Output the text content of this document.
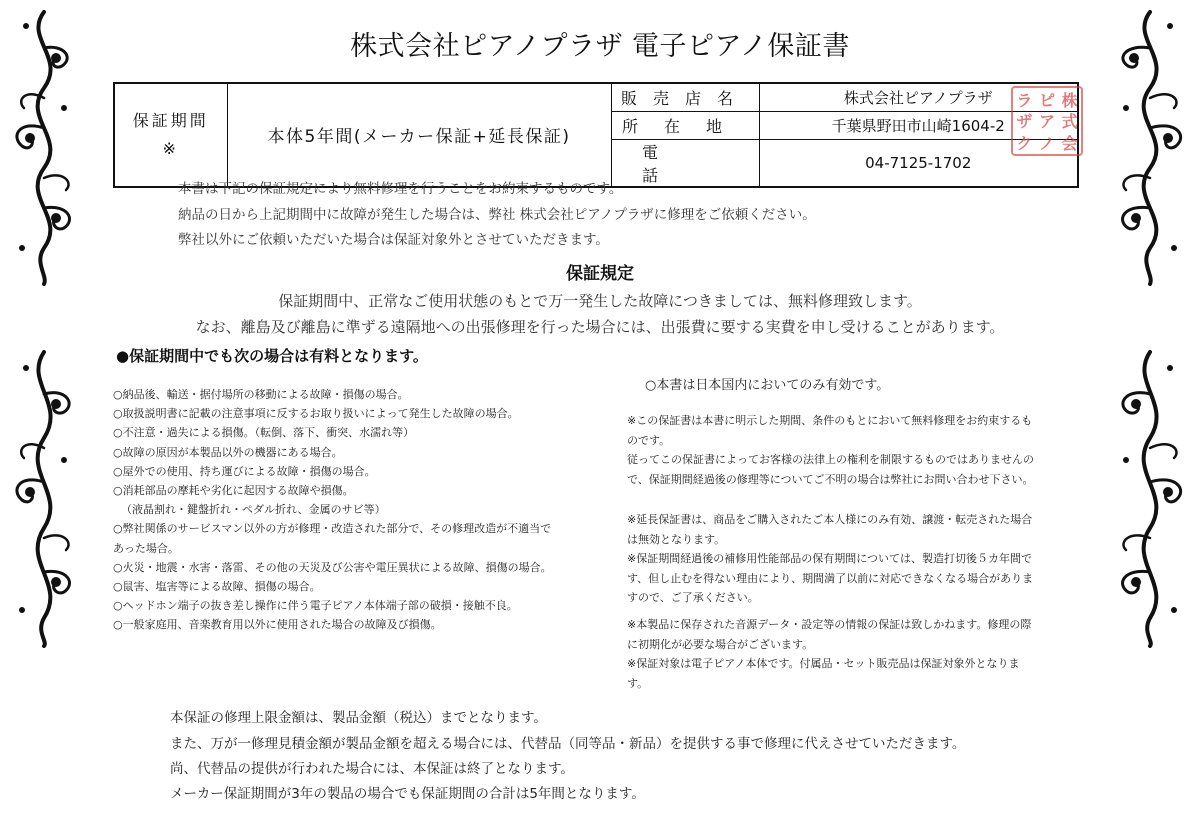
株式会社ピアノプラザ 電子ピアノ保証書
保証期間
※	本体5年間(メーカー保証+延長保証)	販売店名	株式会社ピアノプラザ
		所在地	千葉県野田市山崎1604-2
		電話	04-7125-1702
ラ ピ 株
ザ ア 式
ク ノ 会
本書は下記の保証規定により無料修理を行うことをお約束するものです。
納品の日から上記期間中に故障が発生した場合は、弊社 株式会社ピアノプラザに修理をご依頼ください。
弊社以外にご依頼いただいた場合は保証対象外とさせていただきます。
保証規定
保証期間中、正常なご使用状態のもとで万一発生した故障につきましては、無料修理致します。
なお、離島及び離島に準ずる遠隔地への出張修理を行った場合には、出張費に要する実費を申し受けることがあります。
●保証期間中でも次の場合は有料となります。
○納品後、輸送・据付場所の移動による故障・損傷の場合。
○取扱説明書に記載の注意事項に反するお取り扱いによって発生した故障の場合。
○不注意・過失による損傷。（転倒、落下、衝突、水濡れ等）
○故障の原因が本製品以外の機器にある場合。
○屋外での使用、持ち運びによる故障・損傷の場合。
○消耗部品の摩耗や劣化に起因する故障や損傷。
（液晶割れ・鍵盤折れ・ペダル折れ、金属のサビ等）
○弊社関係のサービスマン以外の方が修理・改造された部分で、その修理改造が不適当で
あった場合。
○火災・地震・水害・落雷、その他の天災及び公害や電圧異状による故障、損傷の場合。
○鼠害、塩害等による故障、損傷の場合。
○ヘッドホン端子の抜き差し操作に伴う電子ピアノ本体端子部の破損・接触不良。
○一般家庭用、音楽教育用以外に使用された場合の故障及び損傷。
○本書は日本国内においてのみ有効です。
※この保証書は本書に明示した期間、条件のもとにおいて無料修理をお約束するも
のです。
従ってこの保証書によってお客様の法律上の権利を制限するものではありませんの
で、保証期間経過後の修理等についてご不明の場合は弊社にお問い合わせ下さい。
※延長保証書は、商品をご購入されたご本人様にのみ有効、譲渡・転売された場合
は無効となります。
※保証期間経過後の補修用性能部品の保有期間については、製造打切後５カ年間で
す、但し止むを得ない理由により、期間満了以前に対応できなくなる場合がありま
すので、ご了承ください。
※本製品に保存された音源データ・設定等の情報の保証は致しかねます。修理の際
に初期化が必要な場合がございます。
※保証対象は電子ピアノ本体です。付属品・セット販売品は保証対象外となりま
す。
本保証の修理上限金額は、製品金額（税込）までとなります。
また、万が一修理見積金額が製品金額を超える場合には、代替品（同等品・新品）を提供する事で修理に代えさせていただきます。
尚、代替品の提供が行われた場合には、本保証は終了となります。
メーカー保証期間が3年の製品の場合でも保証期間の合計は5年間となります。
